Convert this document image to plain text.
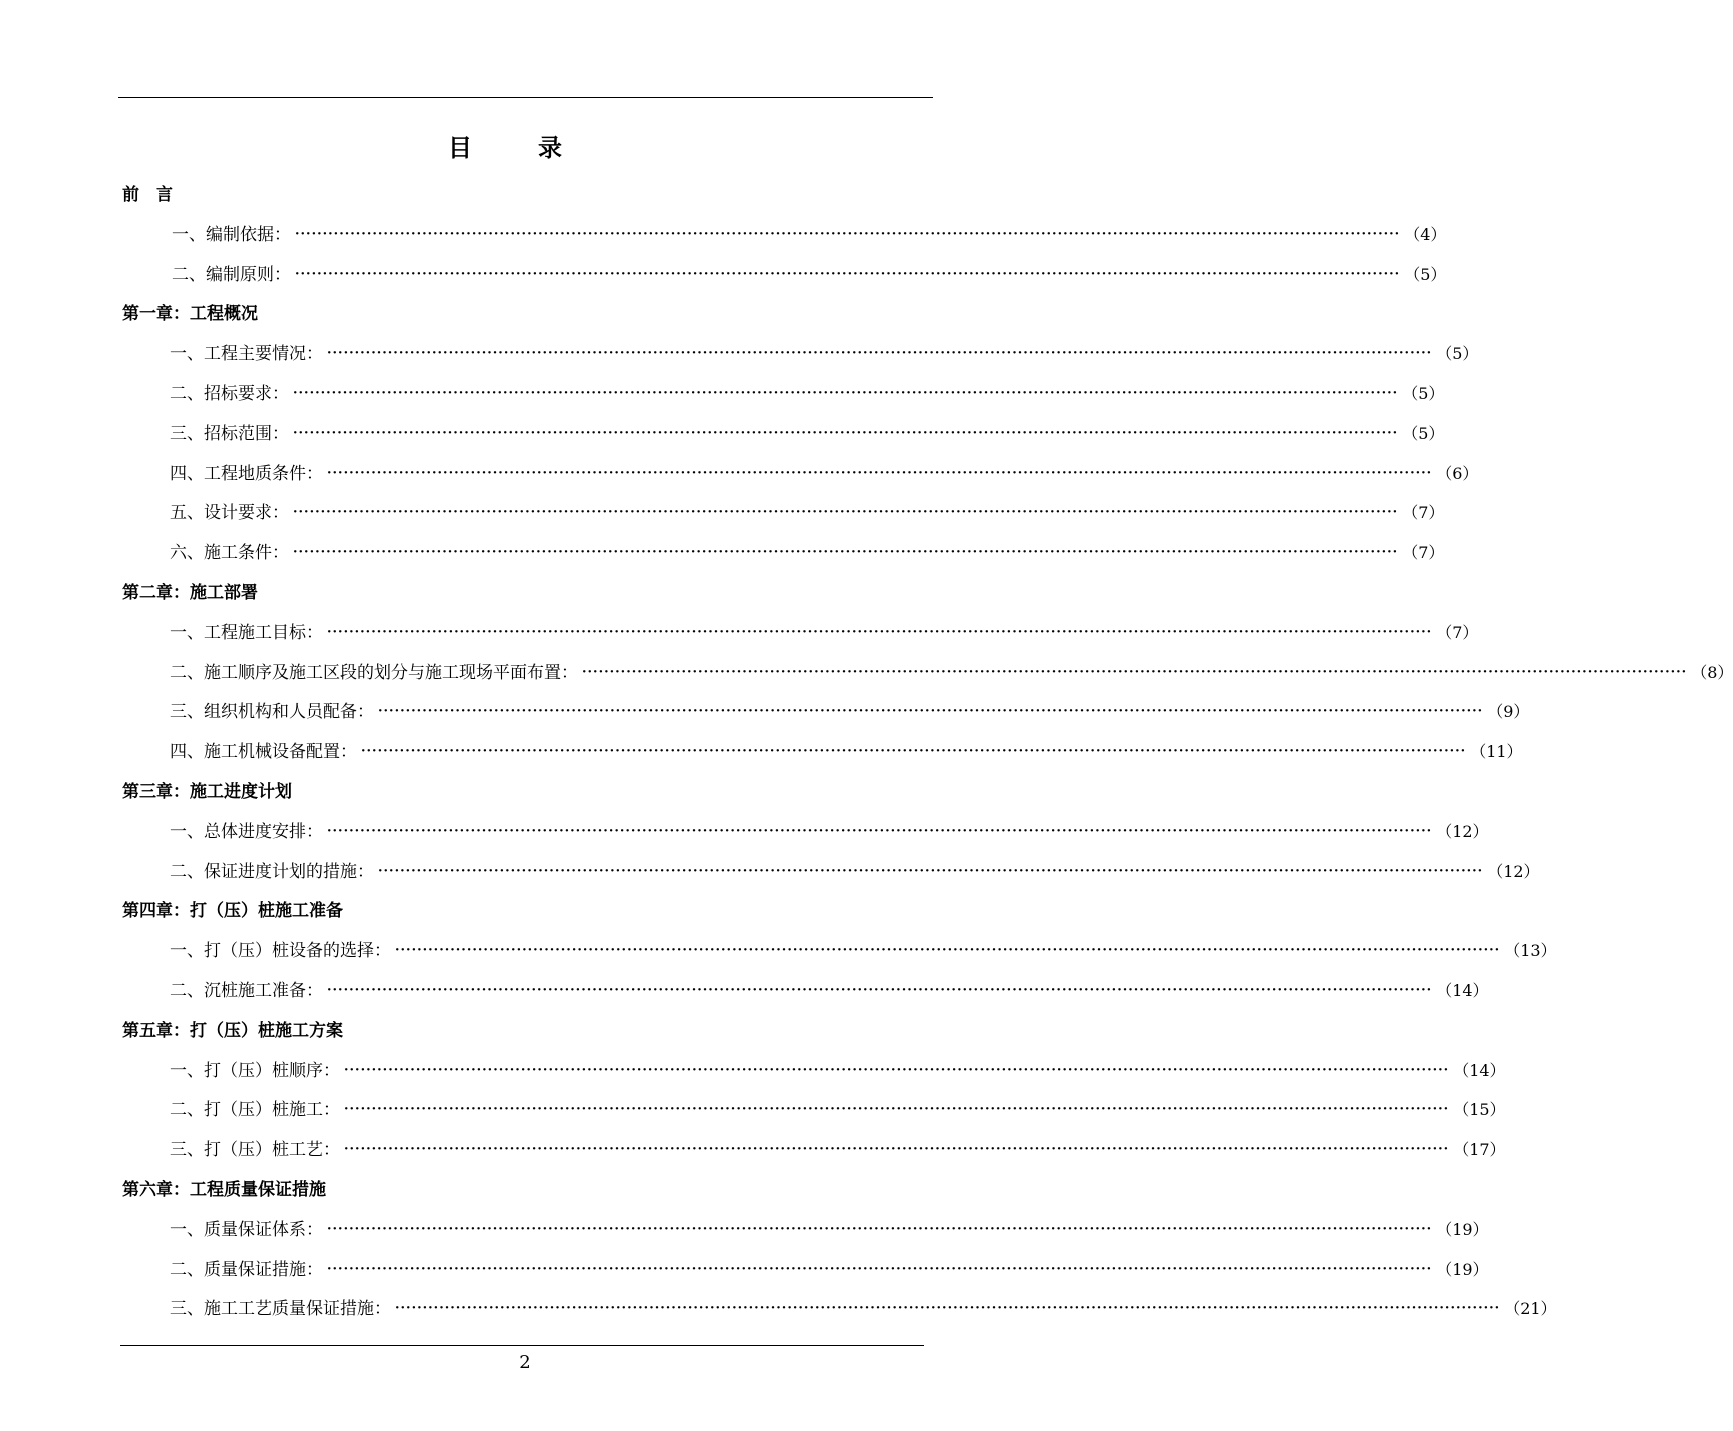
目	录
前　言
一、编制依据： ········································································································································································································ （4）
二、编制原则： ········································································································································································································ （5）
第一章：工程概况
一、工程主要情况： ········································································································································································································ （5）
二、招标要求： ········································································································································································································ （5）
三、招标范围： ········································································································································································································ （5）
四、工程地质条件： ········································································································································································································ （6）
五、设计要求： ········································································································································································································ （7）
六、施工条件： ········································································································································································································ （7）
第二章：施工部署
一、工程施工目标： ········································································································································································································ （7）
二、施工顺序及施工区段的划分与施工现场平面布置： ········································································································································································································ （8）
三、组织机构和人员配备： ········································································································································································································ （9）
四、施工机械设备配置： ········································································································································································································ （11）
第三章：施工进度计划
一、总体进度安排： ········································································································································································································ （12）
二、保证进度计划的措施： ········································································································································································································ （12）
第四章：打（压）桩施工准备
一、打（压）桩设备的选择： ········································································································································································································ （13）
二、沉桩施工准备： ········································································································································································································ （14）
第五章：打（压）桩施工方案
一、打（压）桩顺序： ········································································································································································································ （14）
二、打（压）桩施工： ········································································································································································································ （15）
三、打（压）桩工艺： ········································································································································································································ （17）
第六章：工程质量保证措施
一、质量保证体系： ········································································································································································································ （19）
二、质量保证措施： ········································································································································································································ （19）
三、施工工艺质量保证措施： ········································································································································································································ （21）
2
